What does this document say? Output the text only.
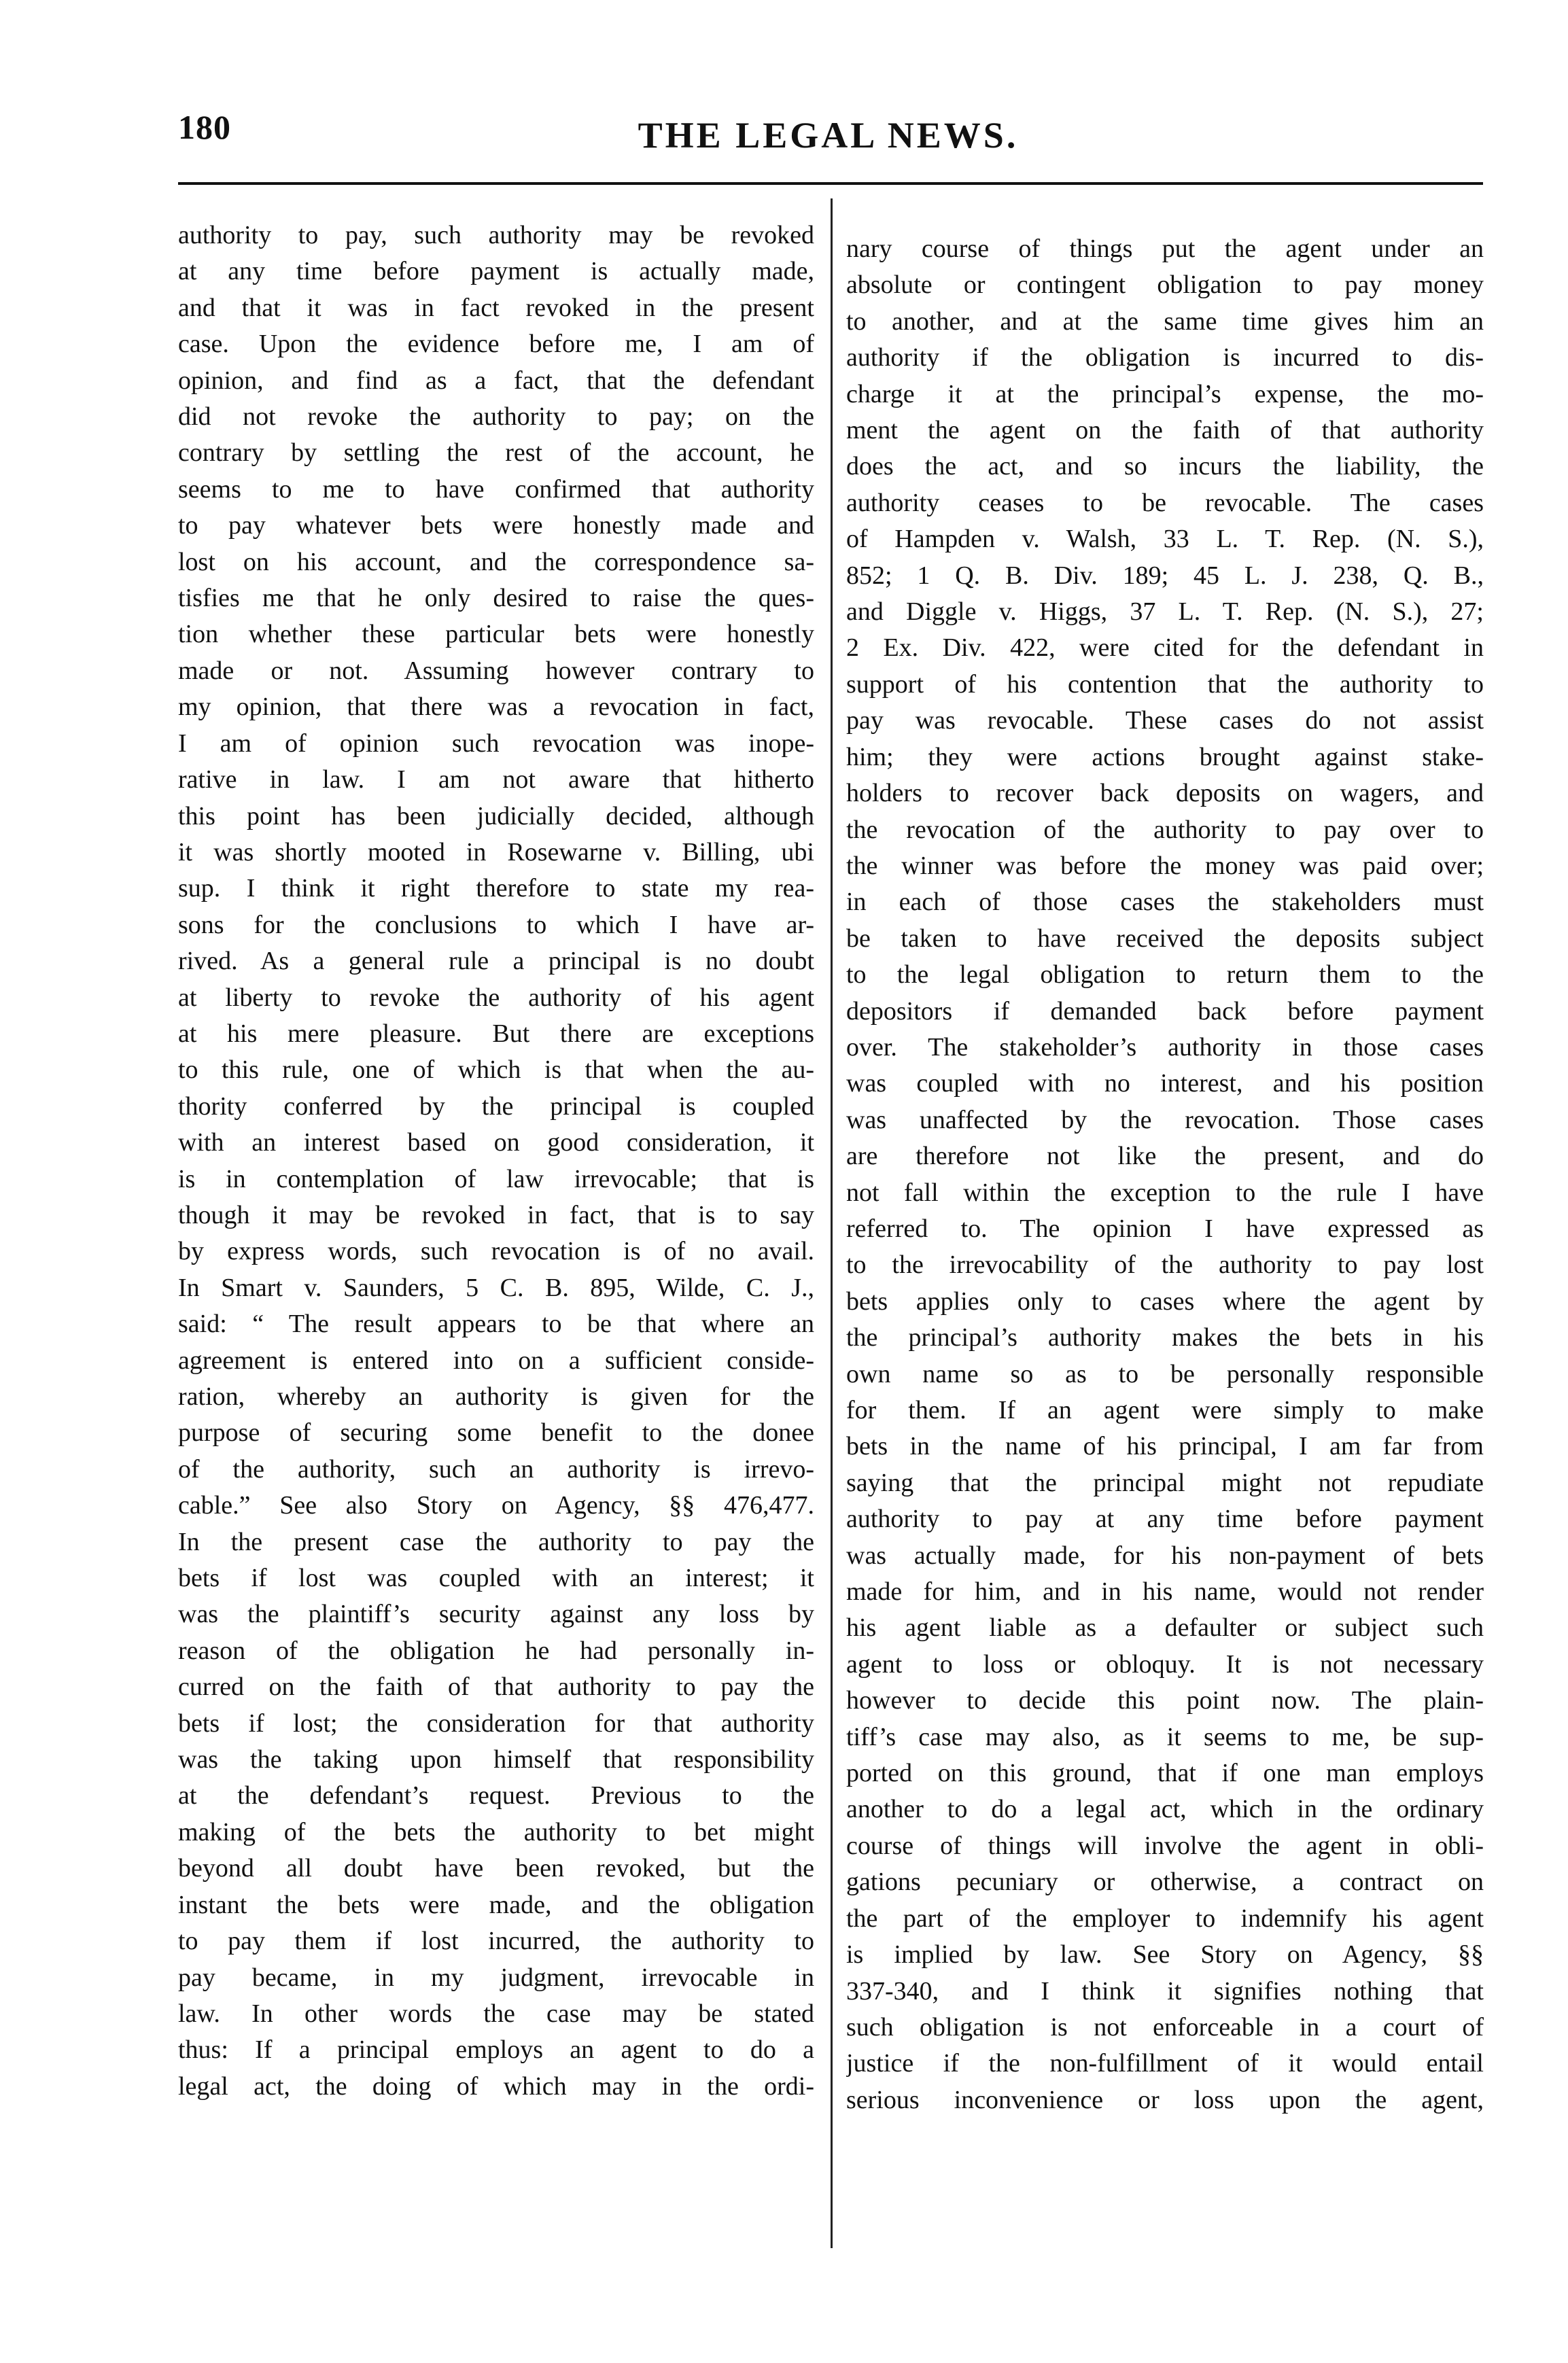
180	THE LEGAL NEWS.
authority to pay, such authority may be revoked
at any time before payment is actually made,
and that it was in fact revoked in the present
case. Upon the evidence before me, I am of
opinion, and find as a fact, that the defendant
did not revoke the authority to pay; on the
contrary by settling the rest of the account, he
seems to me to have confirmed that authority
to pay whatever bets were honestly made and
lost on his account, and the correspondence sa-
tisfies me that he only desired to raise the ques-
tion whether these particular bets were honestly
made or not. Assuming however contrary to
my opinion, that there was a revocation in fact,
I am of opinion such revocation was inope-
rative in law. I am not aware that hitherto
this point has been judicially decided, although
it was shortly mooted in Rosewarne v. Billing, ubi
sup. I think it right therefore to state my rea-
sons for the conclusions to which I have ar-
rived. As a general rule a principal is no doubt
at liberty to revoke the authority of his agent
at his mere pleasure. But there are exceptions
to this rule, one of which is that when the au-
thority conferred by the principal is coupled
with an interest based on good consideration, it
is in contemplation of law irrevocable; that is
though it may be revoked in fact, that is to say
by express words, such revocation is of no avail.
In Smart v. Saunders, 5 C. B. 895, Wilde, C. J.,
said: “ The result appears to be that where an
agreement is entered into on a sufficient conside-
ration, whereby an authority is given for the
purpose of securing some benefit to the donee
of the authority, such an authority is irrevo-
cable.” See also Story on Agency, §§ 476,477.
In the present case the authority to pay the
bets if lost was coupled with an interest; it
was the plaintiff’s security against any loss by
reason of the obligation he had personally in-
curred on the faith of that authority to pay the
bets if lost; the consideration for that authority
was the taking upon himself that responsibility
at the defendant’s request. Previous to the
making of the bets the authority to bet might
beyond all doubt have been revoked, but the
instant the bets were made, and the obligation
to pay them if lost incurred, the authority to
pay became, in my judgment, irrevocable in
law. In other words the case may be stated
thus: If a principal employs an agent to do a
legal act, the doing of which may in the ordi-
nary course of things put the agent under an
absolute or contingent obligation to pay money
to another, and at the same time gives him an
authority if the obligation is incurred to dis-
charge it at the principal’s expense, the mo-
ment the agent on the faith of that authority
does the act, and so incurs the liability, the
authority ceases to be revocable. The cases
of Hampden v. Walsh, 33 L. T. Rep. (N. S.),
852; 1 Q. B. Div. 189; 45 L. J. 238, Q. B.,
and Diggle v. Higgs, 37 L. T. Rep. (N. S.), 27;
2 Ex. Div. 422, were cited for the defendant in
support of his contention that the authority to
pay was revocable. These cases do not assist
him; they were actions brought against stake-
holders to recover back deposits on wagers, and
the revocation of the authority to pay over to
the winner was before the money was paid over;
in each of those cases the stakeholders must
be taken to have received the deposits subject
to the legal obligation to return them to the
depositors if demanded back before payment
over. The stakeholder’s authority in those cases
was coupled with no interest, and his position
was unaffected by the revocation. Those cases
are therefore not like the present, and do
not fall within the exception to the rule I have
referred to. The opinion I have expressed as
to the irrevocability of the authority to pay lost
bets applies only to cases where the agent by
the principal’s authority makes the bets in his
own name so as to be personally responsible
for them. If an agent were simply to make
bets in the name of his principal, I am far from
saying that the principal might not repudiate
authority to pay at any time before payment
was actually made, for his non-payment of bets
made for him, and in his name, would not render
his agent liable as a defaulter or subject such
agent to loss or obloquy. It is not necessary
however to decide this point now. The plain-
tiff’s case may also, as it seems to me, be sup-
ported on this ground, that if one man employs
another to do a legal act, which in the ordinary
course of things will involve the agent in obli-
gations pecuniary or otherwise, a contract on
the part of the employer to indemnify his agent
is implied by law. See Story on Agency, §§
337-340, and I think it signifies nothing that
such obligation is not enforceable in a court of
justice if the non-fulfillment of it would entail
serious inconvenience or loss upon the agent,
